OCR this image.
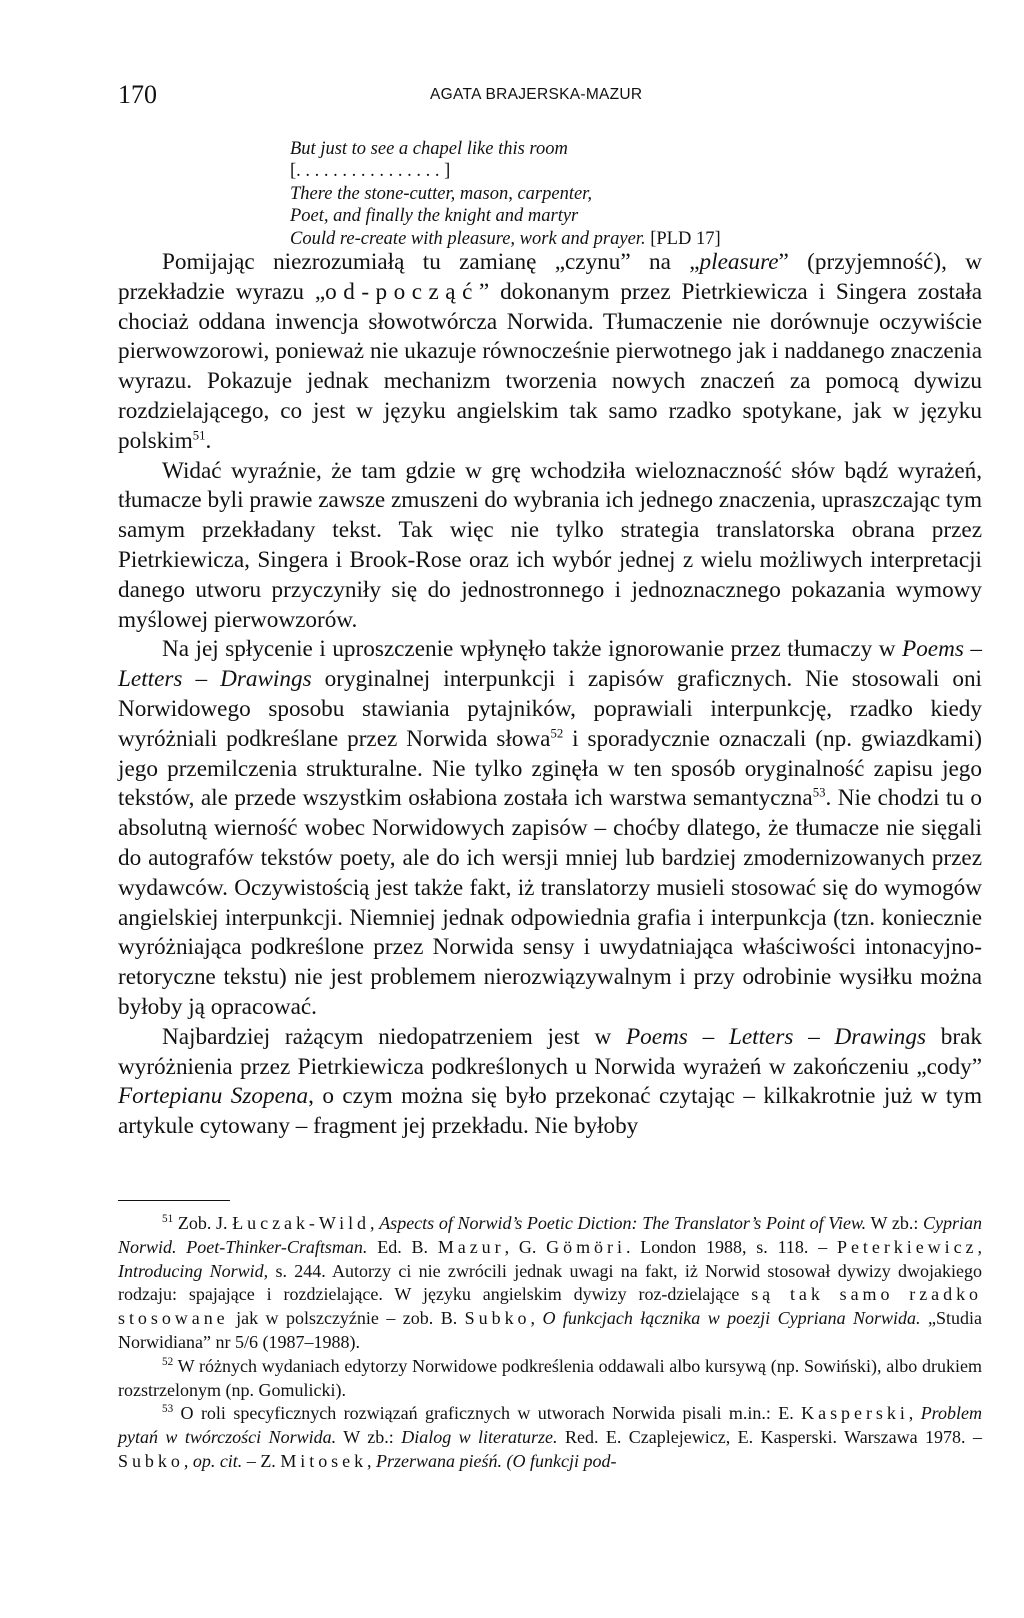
170	AGATA BRAJERSKA-MAZUR
But just to see a chapel like this room
[. . . . . . . . . . . . . . . . ]
There the stone-cutter, mason, carpenter,
Poet, and finally the knight and martyr
Could re-create with pleasure, work and prayer. [PLD 17]

Pomijając niezrozumiałą tu zamianę „czynu” na „pleasure” (przyjemność), w przekładzie wyrazu „od-począć” dokonanym przez Pietrkiewicza i Singera została chociaż oddana inwencja słowotwórcza Norwida. Tłumaczenie nie dorównuje oczywiście pierwowzorowi, ponieważ nie ukazuje równocześnie pierwotnego jak i naddanego znaczenia wyrazu. Pokazuje jednak mechanizm tworzenia nowych znaczeń za pomocą dywizu rozdzielającego, co jest w języku angielskim tak samo rzadko spotykane, jak w języku polskim$^{51}$.

Widać wyraźnie, że tam gdzie w grę wchodziła wieloznaczność słów bądź wyrażeń, tłumacze byli prawie zawsze zmuszeni do wybrania ich jednego znaczenia, upraszczając tym samym przekładany tekst. Tak więc nie tylko strategia translatorska obrana przez Pietrkiewicza, Singera i Brook-Rose oraz ich wybór jednej z wielu możliwych interpretacji danego utworu przyczyniły się do jednostronnego i jednoznacznego pokazania wymowy myślowej pierwowzorów.

Na jej spłycenie i uproszczenie wpłynęło także ignorowanie przez tłumaczy w Poems – Letters – Drawings oryginalnej interpunkcji i zapisów graficznych. Nie stosowali oni Norwidowego sposobu stawiania pytajników, poprawiali interpunkcję, rzadko kiedy wyróżniali podkreślane przez Norwida słowa$^{52}$ i sporadycznie oznaczali (np. gwiazdkami) jego przemilczenia strukturalne. Nie tylko zginęła w ten sposób oryginalność zapisu jego tekstów, ale przede wszystkim osłabiona została ich warstwa semantyczna$^{53}$. Nie chodzi tu o absolutną wierność wobec Norwidowych zapisów – choćby dlatego, że tłumacze nie sięgali do autografów tekstów poety, ale do ich wersji mniej lub bardziej zmodernizowanych przez wydawców. Oczywistością jest także fakt, iż translatorzy musieli stosować się do wymogów angielskiej interpunkcji. Niemniej jednak odpowiednia grafia i interpunkcja (tzn. koniecznie wyróżniająca podkreślone przez Norwida sensy i uwydatniająca właściwości intonacyjno-retoryczne tekstu) nie jest problemem nierozwiązywalnym i przy odrobinie wysiłku można byłoby ją opracować.

Najbardziej rażącym niedopatrzeniem jest w Poems – Letters – Drawings brak wyróżnienia przez Pietrkiewicza podkreślonych u Norwida wyrażeń w zakończeniu „cody” Fortepianu Szopena, o czym można się było przekonać czytając – kilkakrotnie już w tym artykule cytowany – fragment jej przekładu. Nie byłoby

$^{51}$ Zob. J. Łuczak-Wild, Aspects of Norwid’s Poetic Diction: The Translator’s Point of View. W zb.: Cyprian Norwid. Poet-Thinker-Craftsman. Ed. B. Mazur, G. Gömöri. London 1988, s. 118. – Peterkiewicz, Introducing Norwid, s. 244. Autorzy ci nie zwrócili jednak uwagi na fakt, iż Norwid stosował dywizy dwojakiego rodzaju: spajające i rozdzielające. W języku angielskim dywizy roz-dzielające są tak samo rzadko stosowane jak w polszczyźnie – zob. B. Subko, O funkcjach łącznika w poezji Cypriana Norwida. „Studia Norwidiana” nr 5/6 (1987–1988).

$^{52}$ W różnych wydaniach edytorzy Norwidowe podkreślenia oddawali albo kursywą (np. Sowiński), albo drukiem rozstrzelonym (np. Gomulicki).

$^{53}$ O roli specyficznych rozwiązań graficznych w utworach Norwida pisali m.in.: E. Kasperski, Problem pytań w twórczości Norwida. W zb.: Dialog w literaturze. Red. E. Czaplejewicz, E. Kasperski. Warszawa 1978. – Subko, op. cit. – Z. Mitosek, Przerwana pieśń. (O funkcji pod-
